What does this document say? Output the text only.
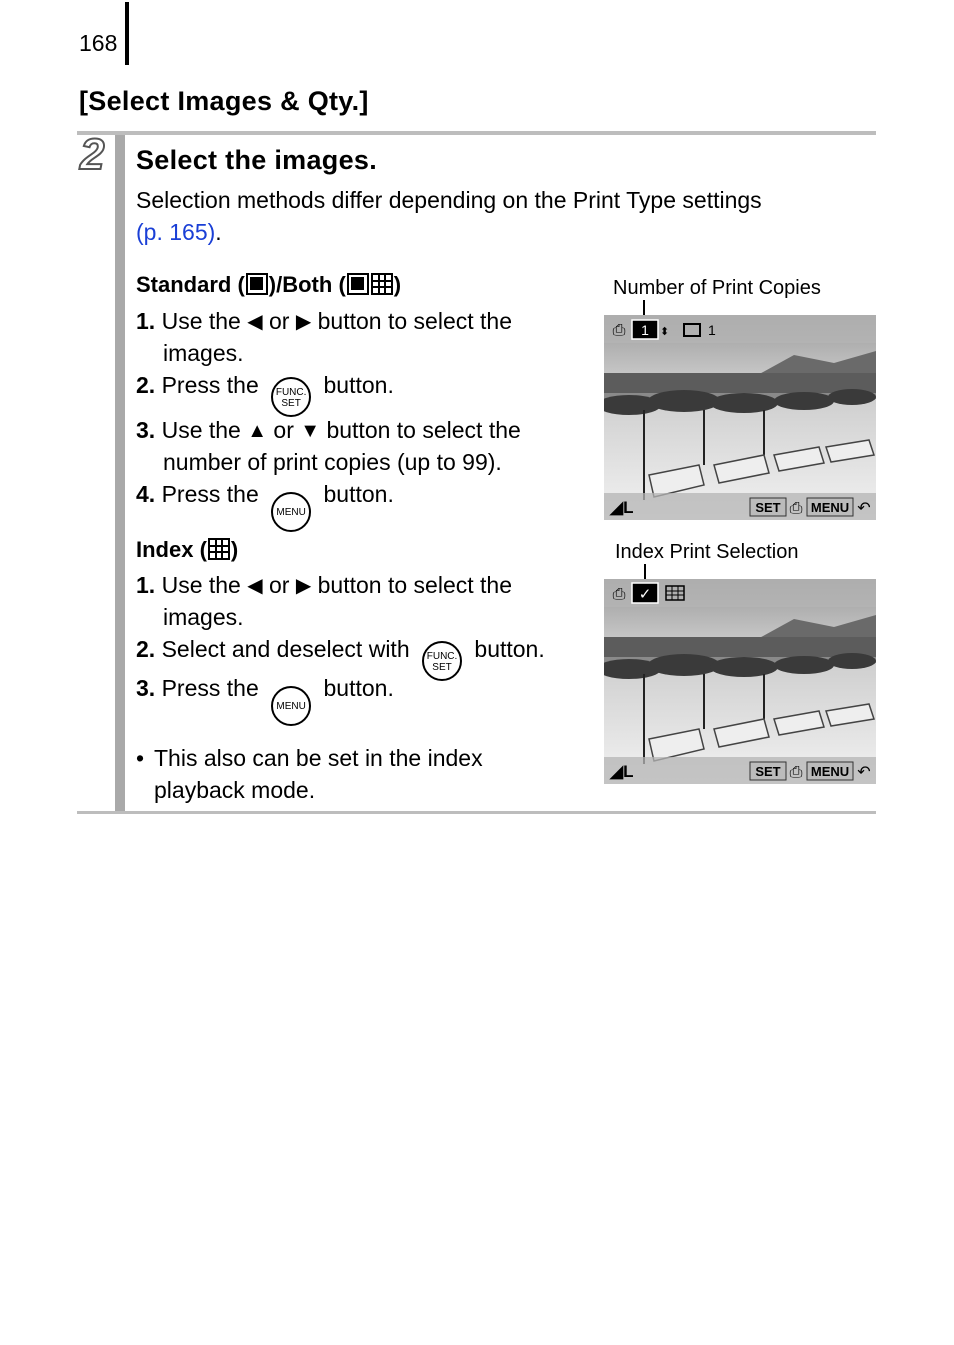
168
[Select Images & Qty.]
2 Select the images.
Selection methods differ depending on the Print Type settings
(p. 165).
Standard ( )/Both ( )
1. Use the ◀ or ▶ button to select the
images.
2. Press the FUNC.
SET button.
3. Use the ▲ or ▼ button to select the
number of print copies (up to 99).
4. Press the MENU button.
Index ( )
1. Use the ◀ or ▶ button to select the
images.
2. Select and deselect with FUNC.
SET button.
3. Press the MENU button.
• This also can be set in the index
playback mode.
Number of Print Copies
Index Print Selection
1 ⬍
⎙	1
◢L	SET ⎙ MENU ↶
⎙ ✓
◢L	SET ⎙ MENU ↶
